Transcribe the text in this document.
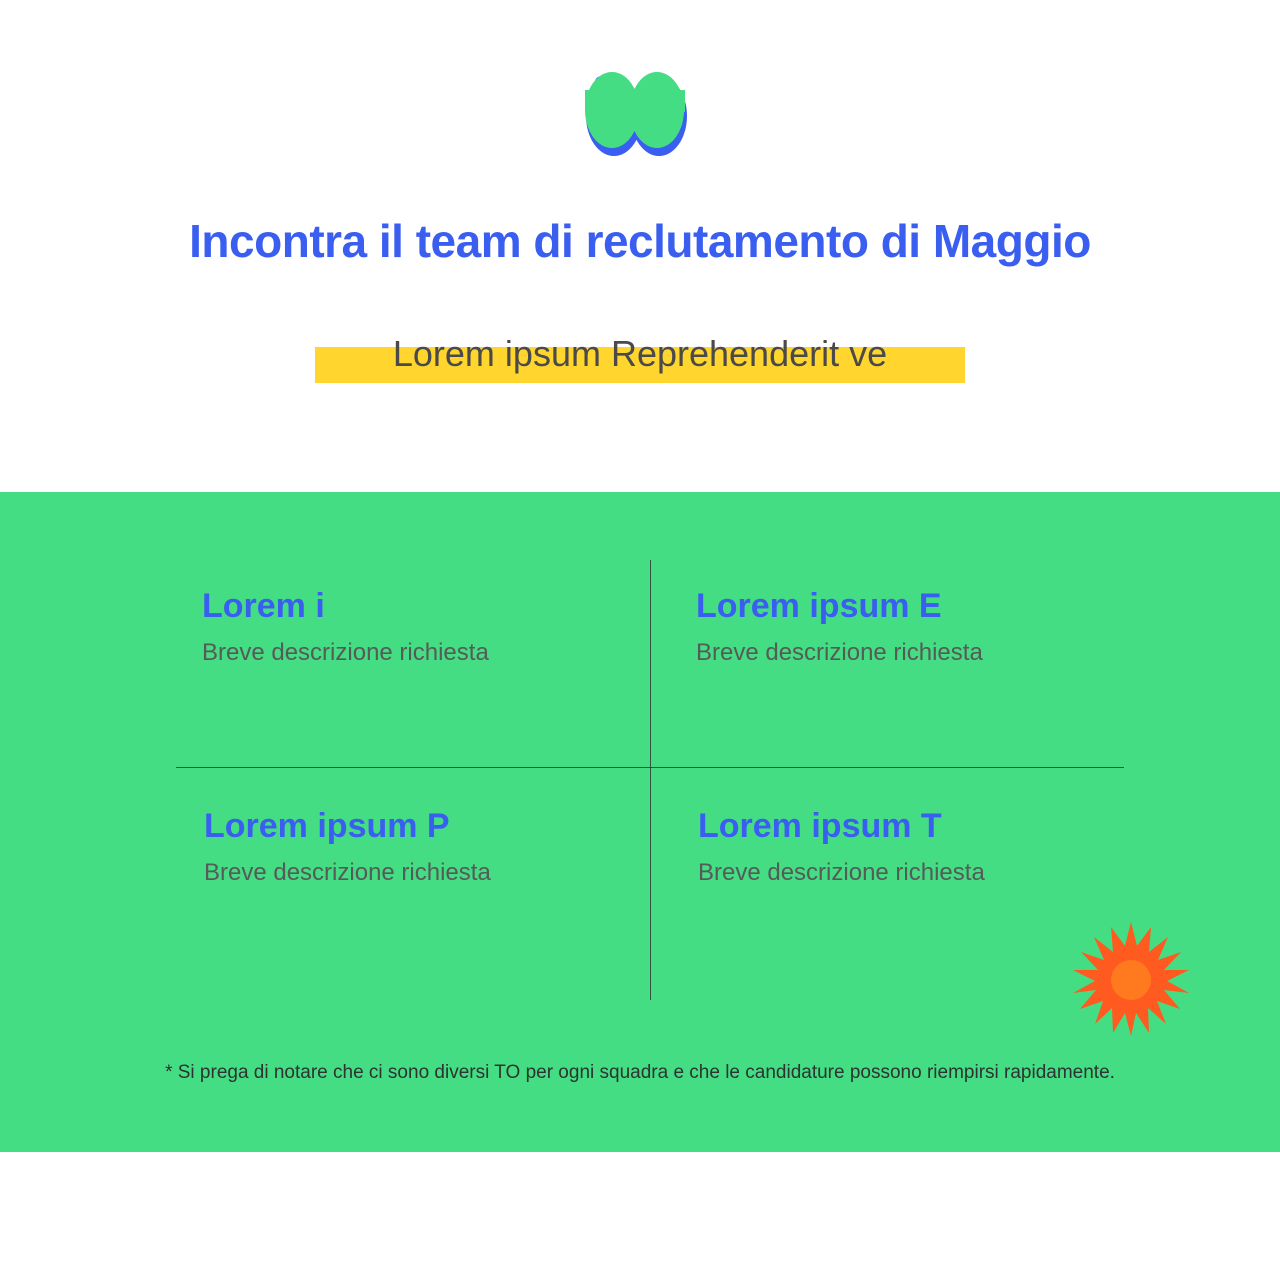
Incontra il team di reclutamento di Maggio
Lorem ipsum Reprehenderit ve

Lorem i

Breve descrizione richiesta

Lorem ipsum E

Breve descrizione richiesta

Lorem ipsum P

Breve descrizione richiesta

Lorem ipsum T

Breve descrizione richiesta

* Si prega di notare che ci sono diversi TO per ogni squadra e che le candidature possono riempirsi rapidamente.
